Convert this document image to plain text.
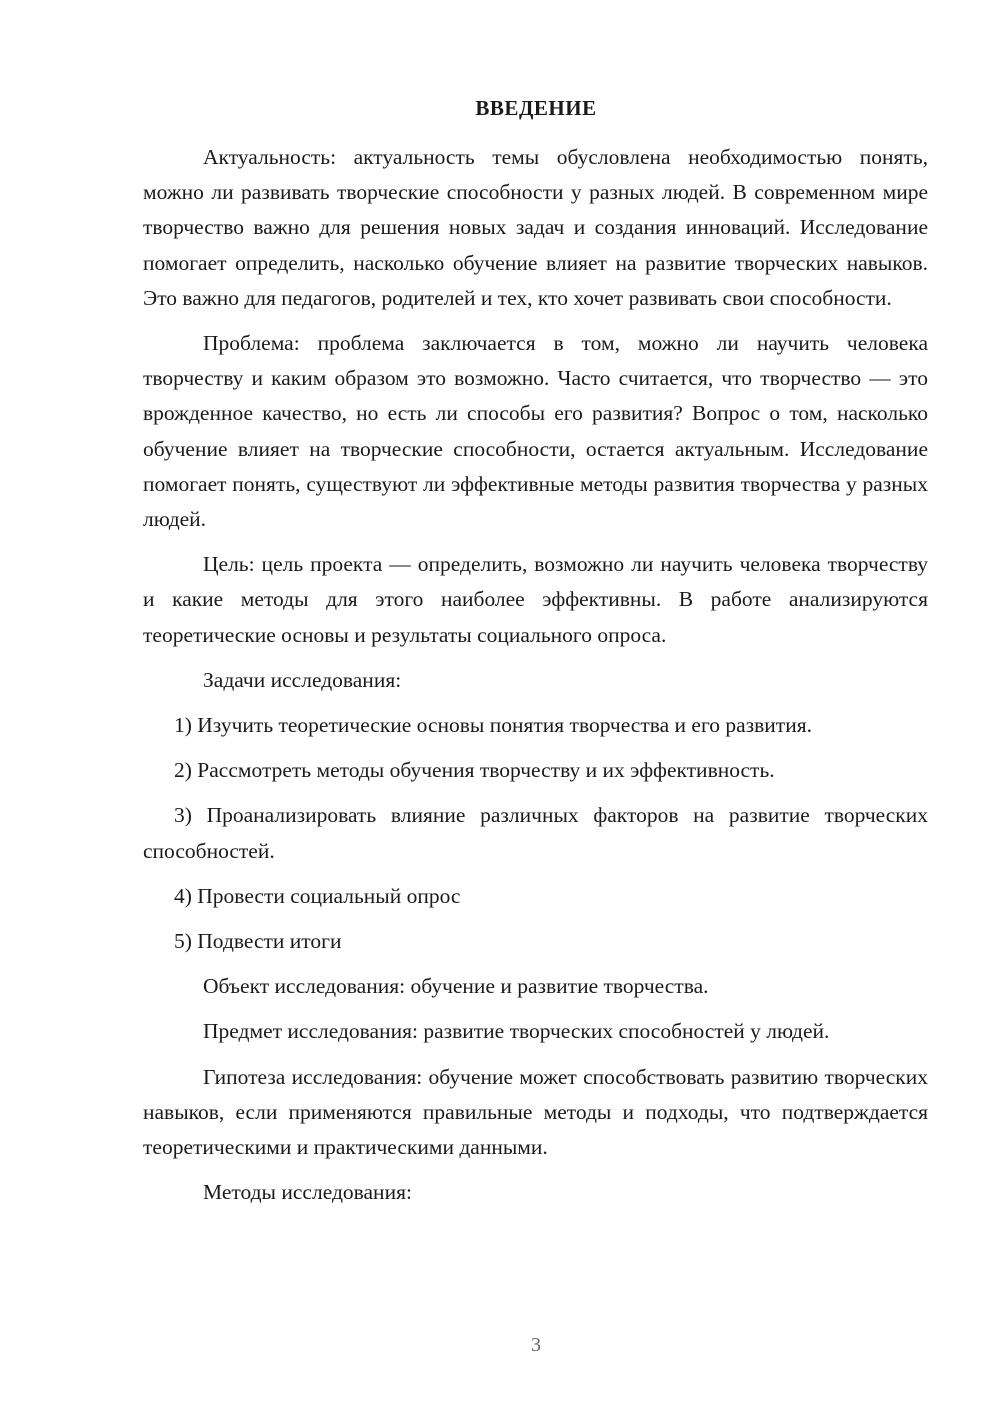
ВВЕДЕНИЕ

Актуальность: актуальность темы обусловлена необходимостью понять, можно ли развивать творческие способности у разных людей. В современном мире творчество важно для решения новых задач и создания инноваций. Исследование помогает определить, насколько обучение влияет на развитие творческих навыков. Это важно для педагогов, родителей и тех, кто хочет развивать свои способности.

Проблема: проблема заключается в том, можно ли научить человека творчеству и каким образом это возможно. Часто считается, что творчество — это врожденное качество, но есть ли способы его развития? Вопрос о том, насколько обучение влияет на творческие способности, остается актуальным. Исследование помогает понять, существуют ли эффективные методы развития творчества у разных людей.

Цель: цель проекта — определить, возможно ли научить человека творчеству и какие методы для этого наиболее эффективны. В работе анализируются теоретические основы и результаты социального опроса.

Задачи исследования:

1) Изучить теоретические основы понятия творчества и его развития.

2) Рассмотреть методы обучения творчеству и их эффективность.

3) Проанализировать влияние различных факторов на развитие творческих способностей.

4) Провести социальный опрос

5) Подвести итоги

Объект исследования: обучение и развитие творчества.

Предмет исследования: развитие творческих способностей у людей.

Гипотеза исследования: обучение может способствовать развитию творческих навыков, если применяются правильные методы и подходы, что подтверждается теоретическими и практическими данными.

Методы исследования:

3
